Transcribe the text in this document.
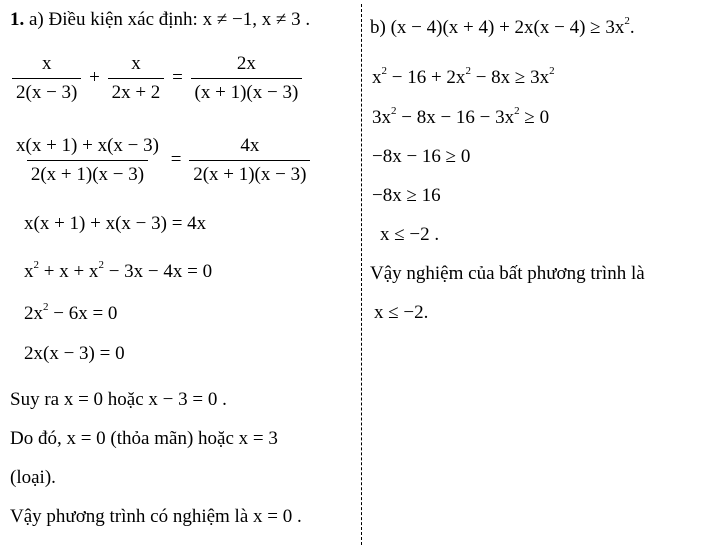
1. a) Điều kiện xác định: x ≠ −1, x ≠ 3 .
$\frac{x}{2(x - 3)} + \frac{x}{2x + 2} = \frac{2x}{(x + 1)(x - 3)}$
$\frac{x(x + 1) + x(x - 3)}{2(x + 1)(x - 3)} = \frac{4x}{2(x + 1)(x - 3)}$
x(x + 1) + x(x − 3) = 4x
$x^2 + x + x^2 - 3x - 4x = 0$
$2x^2 - 6x = 0$
2x(x − 3) = 0
Suy ra x = 0 hoặc x − 3 = 0 .
Do đó, x = 0 (thỏa mãn) hoặc x = 3
(loại).
Vậy phương trình có nghiệm là x = 0 .
b) $(x - 4)(x + 4) + 2x(x - 4) \ge 3x^2$.
$x^2 - 16 + 2x^2 - 8x \ge 3x^2$
$3x^2 - 8x - 16 - 3x^2 \ge 0$
−8x − 16 ≥ 0
−8x ≥ 16
x ≤ −2 .
Vậy nghiệm của bất phương trình là
x ≤ −2.
